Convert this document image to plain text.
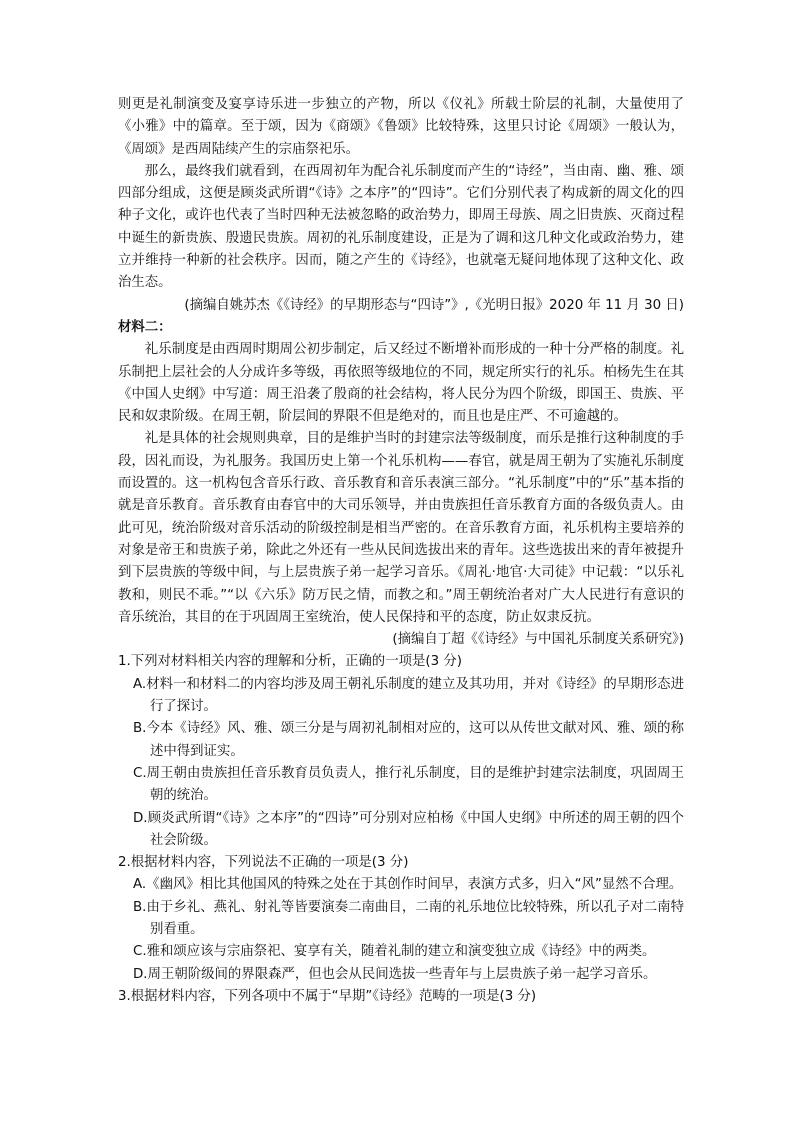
则更是礼制演变及宴享诗乐进一步独立的产物，所以《仪礼》所载士阶层的礼制，大量使用了《小雅》中的篇章。至于颂，因为《商颂》《鲁颂》比较特殊，这里只讨论《周颂》一般认为，《周颂》是西周陆续产生的宗庙祭祀乐。

那么，最终我们就看到，在西周初年为配合礼乐制度而产生的“诗经”，当由南、幽、雅、颂四部分组成，这便是顾炎武所谓“《诗》之本序”的“四诗”。它们分别代表了构成新的周文化的四种子文化，或许也代表了当时四种无法被忽略的政治势力，即周王母族、周之旧贵族、灭商过程中诞生的新贵族、殷遗民贵族。周初的礼乐制度建设，正是为了调和这几种文化或政治势力，建立并维持一种新的社会秩序。因而，随之产生的《诗经》，也就毫无疑问地体现了这种文化、政治生态。

(摘编自姚苏杰《《诗经》的早期形态与“四诗”》,《光明日报》2020 年 11 月 30 日)

材料二：

礼乐制度是由西周时期周公初步制定，后又经过不断增补而形成的一种十分严格的制度。礼乐制把上层社会的人分成许多等级，再依照等级地位的不同，规定所实行的礼乐。柏杨先生在其《中国人史纲》中写道：周王沿袭了殷商的社会结构，将人民分为四个阶级，即国王、贵族、平民和奴隶阶级。在周王朝，阶层间的界限不但是绝对的，而且也是庄严、不可逾越的。

礼是具体的社会规则典章，目的是维护当时的封建宗法等级制度，而乐是推行这种制度的手段，因礼而设，为礼服务。我国历史上第一个礼乐机构——春官，就是周王朝为了实施礼乐制度而设置的。这一机构包含音乐行政、音乐教育和音乐表演三部分。“礼乐制度”中的“乐”基本指的就是音乐教育。音乐教育由春官中的大司乐领导，并由贵族担任音乐教育方面的各级负责人。由此可见，统治阶级对音乐活动的阶级控制是相当严密的。在音乐教育方面，礼乐机构主要培养的对象是帝王和贵族子弟，除此之外还有一些从民间选拔出来的青年。这些选拔出来的青年被提升到下层贵族的等级中间，与上层贵族子弟一起学习音乐。《周礼·地官·大司徒》中记载：“以乐礼教和，则民不乖。”“以《六乐》防万民之情，而教之和。”周王朝统治者对广大人民进行有意识的音乐统治，其目的在于巩固周王室统治，使人民保持和平的态度，防止奴隶反抗。

(摘编自丁超《《诗经》与中国礼乐制度关系研究》)

1.下列对材料相关内容的理解和分析，正确的一项是(3 分)

A.材料一和材料二的内容均涉及周王朝礼乐制度的建立及其功用，并对《诗经》的早期形态进行了探讨。

B.今本《诗经》风、雅、颂三分是与周初礼制相对应的，这可以从传世文献对风、雅、颂的称述中得到证实。

C.周王朝由贵族担任音乐教育员负责人，推行礼乐制度，目的是维护封建宗法制度，巩固周王朝的统治。

D.顾炎武所谓“《诗》之本序”的“四诗”可分别对应柏杨《中国人史纲》中所述的周王朝的四个社会阶级。

2.根据材料内容，下列说法不正确的一项是(3 分)

A.《幽风》相比其他国风的特殊之处在于其创作时间早，表演方式多，归入“风”显然不合理。

B.由于乡礼、燕礼、射礼等皆要演奏二南曲目，二南的礼乐地位比较特殊，所以孔子对二南特别看重。

C.雅和颂应该与宗庙祭祀、宴享有关，随着礼制的建立和演变独立成《诗经》中的两类。

D.周王朝阶级间的界限森严，但也会从民间选拔一些青年与上层贵族子弟一起学习音乐。

3.根据材料内容，下列各项中不属于“早期”《诗经》范畴的一项是(3 分)
